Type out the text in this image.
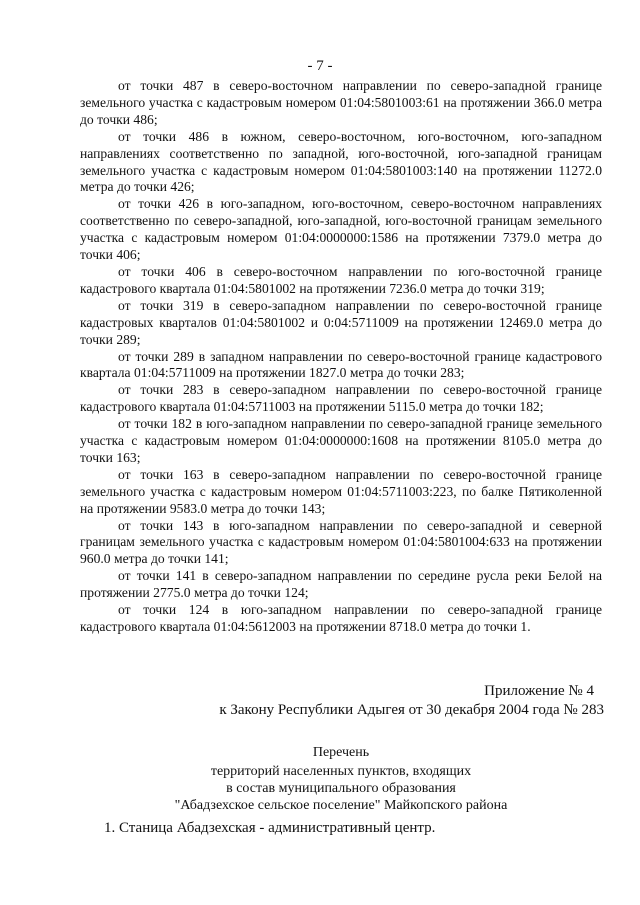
- 7 -

от точки 487 в северо-восточном направлении по северо-западной границе земельного участка с кадастровым номером 01:04:5801003:61 на протяжении 366.0 метра до точки 486;

от точки 486 в южном, северо-восточном, юго-восточном, юго-западном направлениях соответственно по западной, юго-восточной, юго-западной границам земельного участка с кадастровым номером 01:04:5801003:140 на протяжении 11272.0 метра до точки 426;

от точки 426 в юго-западном, юго-восточном, северо-восточном направлениях соответственно по северо-западной, юго-западной, юго-восточной границам земельного участка с кадастровым номером 01:04:0000000:1586 на протяжении 7379.0 метра до точки 406;

от точки 406 в северо-восточном направлении по юго-восточной границе кадастрового квартала 01:04:5801002 на протяжении 7236.0 метра до точки 319;

от точки 319 в северо-западном направлении по северо-восточной границе кадастровых кварталов 01:04:5801002 и 0:04:5711009 на протяжении 12469.0 метра до точки 289;

от точки 289 в западном направлении по северо-восточной границе кадастрового квартала 01:04:5711009 на протяжении 1827.0 метра до точки 283;

от точки 283 в северо-западном направлении по северо-восточной границе кадастрового квартала 01:04:5711003 на протяжении 5115.0 метра до точки 182;

от точки 182 в юго-западном направлении по северо-западной границе земельного участка с кадастровым номером 01:04:0000000:1608 на протяжении 8105.0 метра до точки 163;

от точки 163 в северо-западном направлении по северо-восточной границе земельного участка с кадастровым номером 01:04:5711003:223, по балке Пятиколенной на протяжении 9583.0 метра до точки 143;

от точки 143 в юго-западном направлении по северо-западной и северной границам земельного участка с кадастровым номером 01:04:5801004:633 на протяжении 960.0 метра до точки 141;

от точки 141 в северо-западном направлении по середине русла реки Белой на протяжении 2775.0 метра до точки 124;

от точки 124 в юго-западном направлении по северо-западной границе кадастрового квартала 01:04:5612003 на протяжении 8718.0 метра до точки 1.

Приложение № 4
к Закону Республики Адыгея от 30 декабря 2004 года № 283
Перечень
территорий населенных пунктов, входящих
в состав муниципального образования
"Абадзехское сельское поселение" Майкопского района
1. Станица Абадзехская - административный центр.
